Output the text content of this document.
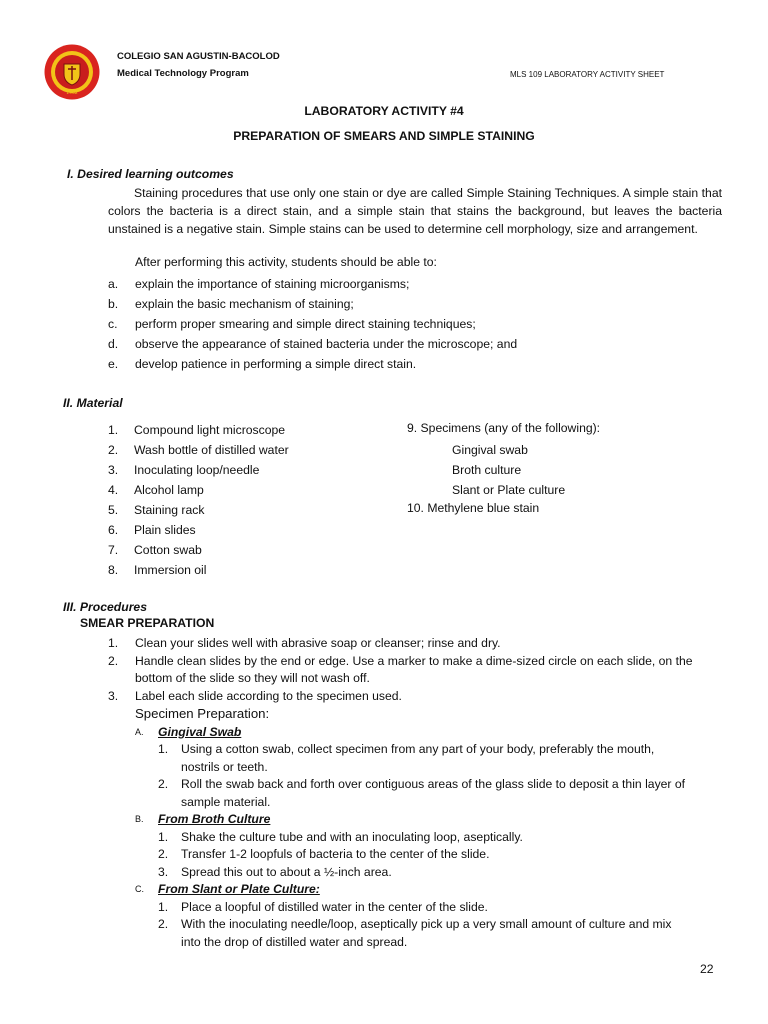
1962
COLEGIO SAN AGUSTIN-BACOLOD
Medical Technology Program	MLS 109 LABORATORY ACTIVITY SHEET
LABORATORY ACTIVITY #4
PREPARATION OF SMEARS AND SIMPLE STAINING
I. Desired learning outcomes
Staining procedures that use only one stain or dye are called Simple Staining Techniques. A simple stain that colors the bacteria is a direct stain, and a simple stain that stains the background, but leaves the bacteria unstained is a negative stain. Simple stains can be used to determine cell morphology, size and arrangement.
After performing this activity, students should be able to:
a. explain the importance of staining microorganisms;
b. explain the basic mechanism of staining;
c. perform proper smearing and simple direct staining techniques;
d. observe the appearance of stained bacteria under the microscope; and
e. develop patience in performing a simple direct stain.
II. Material
1. Compound light microscope
2. Wash bottle of distilled water
3. Inoculating loop/needle
4. Alcohol lamp
5. Staining rack
6. Plain slides
7. Cotton swab
8. Immersion oil
9. Specimens (any of the following):
Gingival swab
Broth culture
Slant or Plate culture
10. Methylene blue stain
III. Procedures
SMEAR PREPARATION
1. Clean your slides well with abrasive soap or cleanser; rinse and dry.
2. Handle clean slides by the end or edge. Use a marker to make a dime-sized circle on each slide, on the
bottom of the slide so they will not wash off.
3. Label each slide according to the specimen used.
Specimen Preparation:
A. Gingival Swab
1. Using a cotton swab, collect specimen from any part of your body, preferably the mouth,
nostrils or teeth.
2. Roll the swab back and forth over contiguous areas of the glass slide to deposit a thin layer of
sample material.
B. From Broth Culture
1. Shake the culture tube and with an inoculating loop, aseptically.
2. Transfer 1-2 loopfuls of bacteria to the center of the slide.
3. Spread this out to about a ½-inch area.
C. From Slant or Plate Culture:
1. Place a loopful of distilled water in the center of the slide.
2. With the inoculating needle/loop, aseptically pick up a very small amount of culture and mix
into the drop of distilled water and spread.
22
